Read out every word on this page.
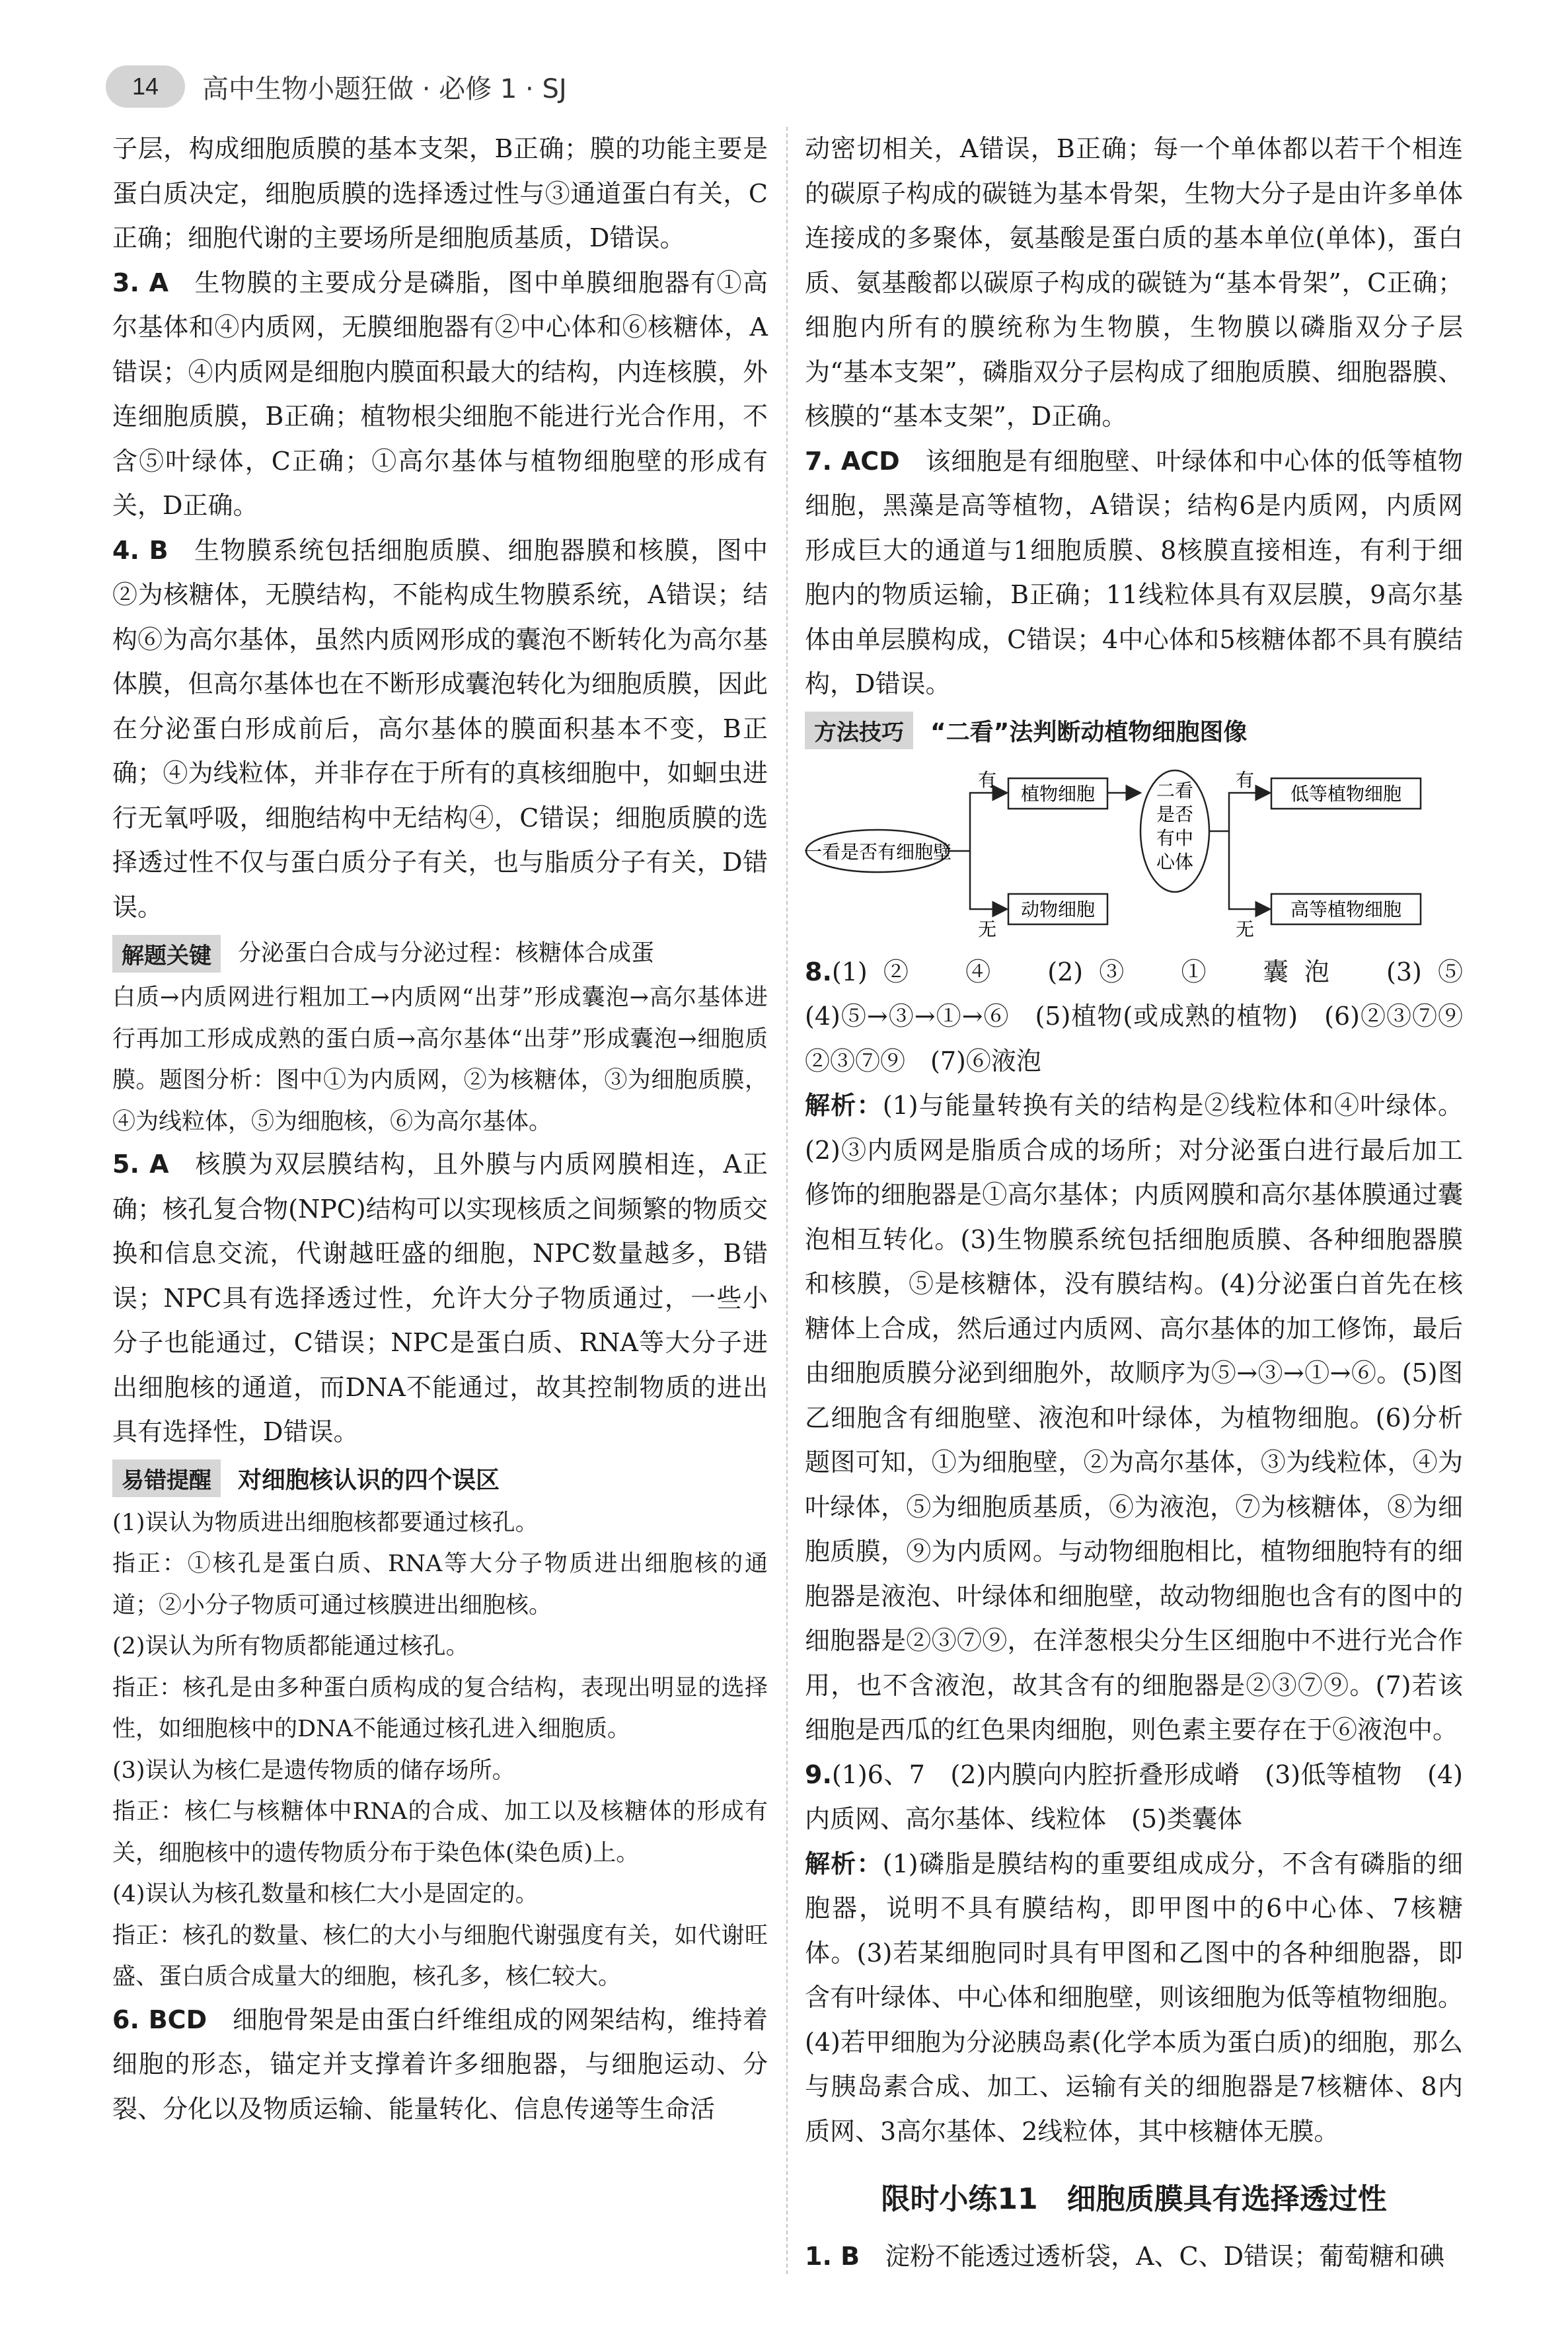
14	高中生物小题狂做 · 必修 1 · SJ

子层，构成细胞质膜的基本支架，B正确；膜的功能主要是蛋白质决定，细胞质膜的选择透过性与③通道蛋白有关，C正确；细胞代谢的主要场所是细胞质基质，D错误。

3. A  生物膜的主要成分是磷脂，图中单膜细胞器有①高尔基体和④内质网，无膜细胞器有②中心体和⑥核糖体，A错误；④内质网是细胞内膜面积最大的结构，内连核膜，外连细胞质膜，B正确；植物根尖细胞不能进行光合作用，不含⑤叶绿体，C正确；①高尔基体与植物细胞壁的形成有关，D正确。

4. B  生物膜系统包括细胞质膜、细胞器膜和核膜，图中②为核糖体，无膜结构，不能构成生物膜系统，A错误；结构⑥为高尔基体，虽然内质网形成的囊泡不断转化为高尔基体膜，但高尔基体也在不断形成囊泡转化为细胞质膜，因此在分泌蛋白形成前后，高尔基体的膜面积基本不变，B正确；④为线粒体，并非存在于所有的真核细胞中，如蛔虫进行无氧呼吸，细胞结构中无结构④，C错误；细胞质膜的选择透过性不仅与蛋白质分子有关，也与脂质分子有关，D错误。

解题关键	分泌蛋白合成与分泌过程：核糖体合成蛋

白质→内质网进行粗加工→内质网“出芽”形成囊泡→高尔基体进行再加工形成成熟的蛋白质→高尔基体“出芽”形成囊泡→细胞质膜。题图分析：图中①为内质网，②为核糖体，③为细胞质膜，④为线粒体，⑤为细胞核，⑥为高尔基体。

5. A  核膜为双层膜结构，且外膜与内质网膜相连，A正确；核孔复合物(NPC)结构可以实现核质之间频繁的物质交换和信息交流，代谢越旺盛的细胞，NPC数量越多，B错误；NPC具有选择透过性，允许大分子物质通过，一些小分子也能通过，C错误；NPC是蛋白质、RNA等大分子进出细胞核的通道，而DNA不能通过，故其控制物质的进出具有选择性，D错误。

易错提醒	对细胞核认识的四个误区

(1)误认为物质进出细胞核都要通过核孔。

指正：①核孔是蛋白质、RNA等大分子物质进出细胞核的通道；②小分子物质可通过核膜进出细胞核。

(2)误认为所有物质都能通过核孔。

指正：核孔是由多种蛋白质构成的复合结构，表现出明显的选择性，如细胞核中的DNA不能通过核孔进入细胞质。

(3)误认为核仁是遗传物质的储存场所。

指正：核仁与核糖体中RNA的合成、加工以及核糖体的形成有关，细胞核中的遗传物质分布于染色体(染色质)上。

(4)误认为核孔数量和核仁大小是固定的。

指正：核孔的数量、核仁的大小与细胞代谢强度有关，如代谢旺盛、蛋白质合成量大的细胞，核孔多，核仁较大。

6. BCD  细胞骨架是由蛋白纤维组成的网架结构，维持着细胞的形态，锚定并支撑着许多细胞器，与细胞运动、分裂、分化以及物质运输、能量转化、信息传递等生命活

动密切相关，A错误，B正确；每一个单体都以若干个相连的碳原子构成的碳链为基本骨架，生物大分子是由许多单体连接成的多聚体，氨基酸是蛋白质的基本单位(单体)，蛋白质、氨基酸都以碳原子构成的碳链为“基本骨架”，C正确；细胞内所有的膜统称为生物膜，生物膜以磷脂双分子层为“基本支架”，磷脂双分子层构成了细胞质膜、细胞器膜、核膜的“基本支架”，D正确。

7. ACD  该细胞是有细胞壁、叶绿体和中心体的低等植物细胞，黑藻是高等植物，A错误；结构6是内质网，内质网形成巨大的通道与1细胞质膜、8核膜直接相连，有利于细胞内的物质运输，B正确；11线粒体具有双层膜，9高尔基体由单层膜构成，C错误；4中心体和5核糖体都不具有膜结构，D错误。

方法技巧	“二看”法判断动植物细胞图像
一看是否有细胞壁
有
无
植物细胞
动物细胞
二看
是否
有中
心体
有
无
低等植物细胞
高等植物细胞

8.(1)②　④　(2)③　①　囊泡　(3)⑤　(4)⑤→③→①→⑥　(5)植物(或成熟的植物)　(6)②③⑦⑨　②③⑦⑨　(7)⑥液泡

解析：(1)与能量转换有关的结构是②线粒体和④叶绿体。(2)③内质网是脂质合成的场所；对分泌蛋白进行最后加工修饰的细胞器是①高尔基体；内质网膜和高尔基体膜通过囊泡相互转化。(3)生物膜系统包括细胞质膜、各种细胞器膜和核膜，⑤是核糖体，没有膜结构。(4)分泌蛋白首先在核糖体上合成，然后通过内质网、高尔基体的加工修饰，最后由细胞质膜分泌到细胞外，故顺序为⑤→③→①→⑥。(5)图乙细胞含有细胞壁、液泡和叶绿体，为植物细胞。(6)分析题图可知，①为细胞壁，②为高尔基体，③为线粒体，④为叶绿体，⑤为细胞质基质，⑥为液泡，⑦为核糖体，⑧为细胞质膜，⑨为内质网。与动物细胞相比，植物细胞特有的细胞器是液泡、叶绿体和细胞壁，故动物细胞也含有的图中的细胞器是②③⑦⑨，在洋葱根尖分生区细胞中不进行光合作用，也不含液泡，故其含有的细胞器是②③⑦⑨。(7)若该细胞是西瓜的红色果肉细胞，则色素主要存在于⑥液泡中。

9.(1)6、7　(2)内膜向内腔折叠形成嵴　(3)低等植物　(4)内质网、高尔基体、线粒体　(5)类囊体

解析：(1)磷脂是膜结构的重要组成成分，不含有磷脂的细胞器，说明不具有膜结构，即甲图中的6中心体、7核糖体。(3)若某细胞同时具有甲图和乙图中的各种细胞器，即含有叶绿体、中心体和细胞壁，则该细胞为低等植物细胞。(4)若甲细胞为分泌胰岛素(化学本质为蛋白质)的细胞，那么与胰岛素合成、加工、运输有关的细胞器是7核糖体、8内质网、3高尔基体、2线粒体，其中核糖体无膜。

限时小练11　细胞质膜具有选择透过性

1. B  淀粉不能透过透析袋，A、C、D错误；葡萄糖和碘
